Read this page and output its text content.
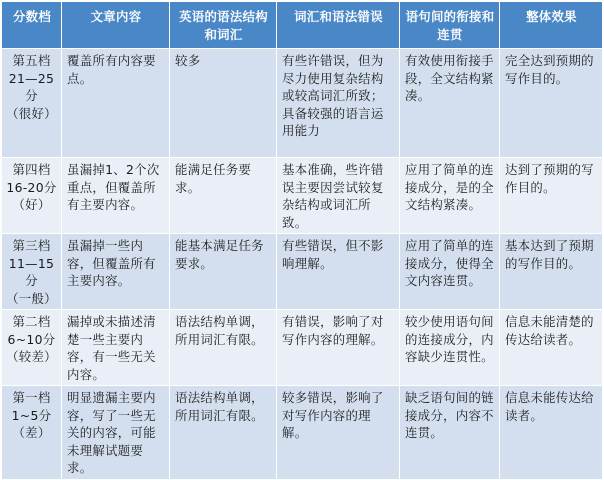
分数档	文章内容	英语的语法结构和词汇	词汇和语法错误	语句间的衔接和连贯	整体效果

第五档
21—25分
（很好）	覆盖所有内容要点。	较多	有些许错误，但为尽力使用复杂结构或较高词汇所致；具备较强的语言运用能力	有效使用衔接手段，全文结构紧凑。	完全达到预期的写作目的。

第四档
16-20分
（好）	虽漏掉1、2个次重点，但覆盖所有主要内容。	能满足任务要求。	基本准确，些许错误主要因尝试较复杂结构或词汇所致。	应用了简单的连接成分，是的全文结构紧凑。	达到了预期的写作目的。

第三档
11—15分
（一般）	虽漏掉一些内容，但覆盖所有主要内容。	能基本满足任务要求。	有些错误，但不影响理解。	应用了简单的连接成分，使得全文内容连贯。	基本达到了预期的写作目的。

第二档
6~10分
（较差）	漏掉或未描述清楚一些主要内容，有一些无关内容。	语法结构单调，所用词汇有限。	有错误，影响了对写作内容的理解。	较少使用语句间的连接成分，内容缺少连贯性。	信息未能清楚的传达给读者。

第一档
1~5分
（差）	明显遗漏主要内容，写了一些无关的内容，可能未理解试题要求。	语法结构单调，所用词汇有限。	较多错误，影响了对写作内容的理解。	缺乏语句间的链接成分，内容不连贯。	信息未能传达给读者。
